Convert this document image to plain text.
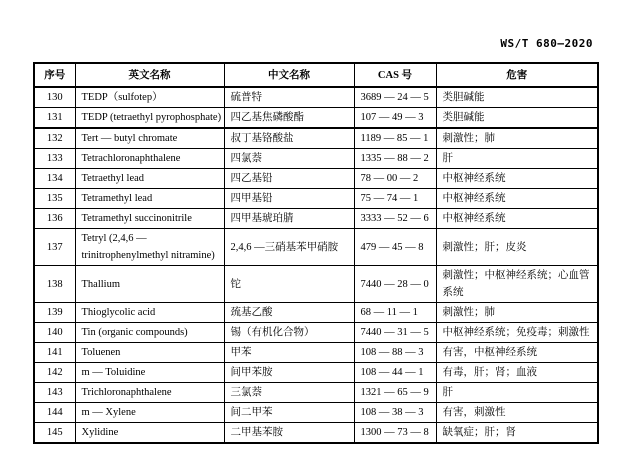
WS/T 680—2020
序号	英文名称	中文名称	CAS 号	危害
130	TEDP（sulfotep）	硫普特	3689 — 24 — 5	类胆碱能
131	TEDP (tetraethyl pyrophosphate)	四乙基焦磷酸酯	107 — 49 — 3	类胆碱能
132	Tert — butyl chromate	叔丁基铬酸盐	1189 — 85 — 1	刺激性；肺
133	Tetrachloronaphthalene	四氯萘	1335 — 88 — 2	肝
134	Tetraethyl lead	四乙基铅	78 — 00 — 2	中枢神经系统
135	Tetramethyl lead	四甲基铅	75 — 74 — 1	中枢神经系统
136	Tetramethyl succinonitrile	四甲基琥珀腈	3333 — 52 — 6	中枢神经系统
137	Tetryl (2,4,6 — trinitrophenylmethyl nitramine)	2,4,6 —三硝基苯甲硝胺	479 — 45 — 8	刺激性；肝；皮炎
138	Thallium	铊	7440 — 28 — 0	刺激性；中枢神经系统；心血管系统
139	Thioglycolic acid	巯基乙酸	68 — 11 — 1	刺激性；肺
140	Tin (organic compounds)	锡（有机化合物）	7440 — 31 — 5	中枢神经系统；免疫毒；刺激性
141	Toluenen	甲苯	108 — 88 — 3	有害，中枢神经系统
142	m — Toluidine	间甲苯胺	108 — 44 — 1	有毒，肝；肾；血液
143	Trichloronaphthalene	三氯萘	1321 — 65 — 9	肝
144	m — Xylene	间二甲苯	108 — 38 — 3	有害，刺激性
145	Xylidine	二甲基苯胺	1300 — 73 — 8	缺氧症；肝；肾
